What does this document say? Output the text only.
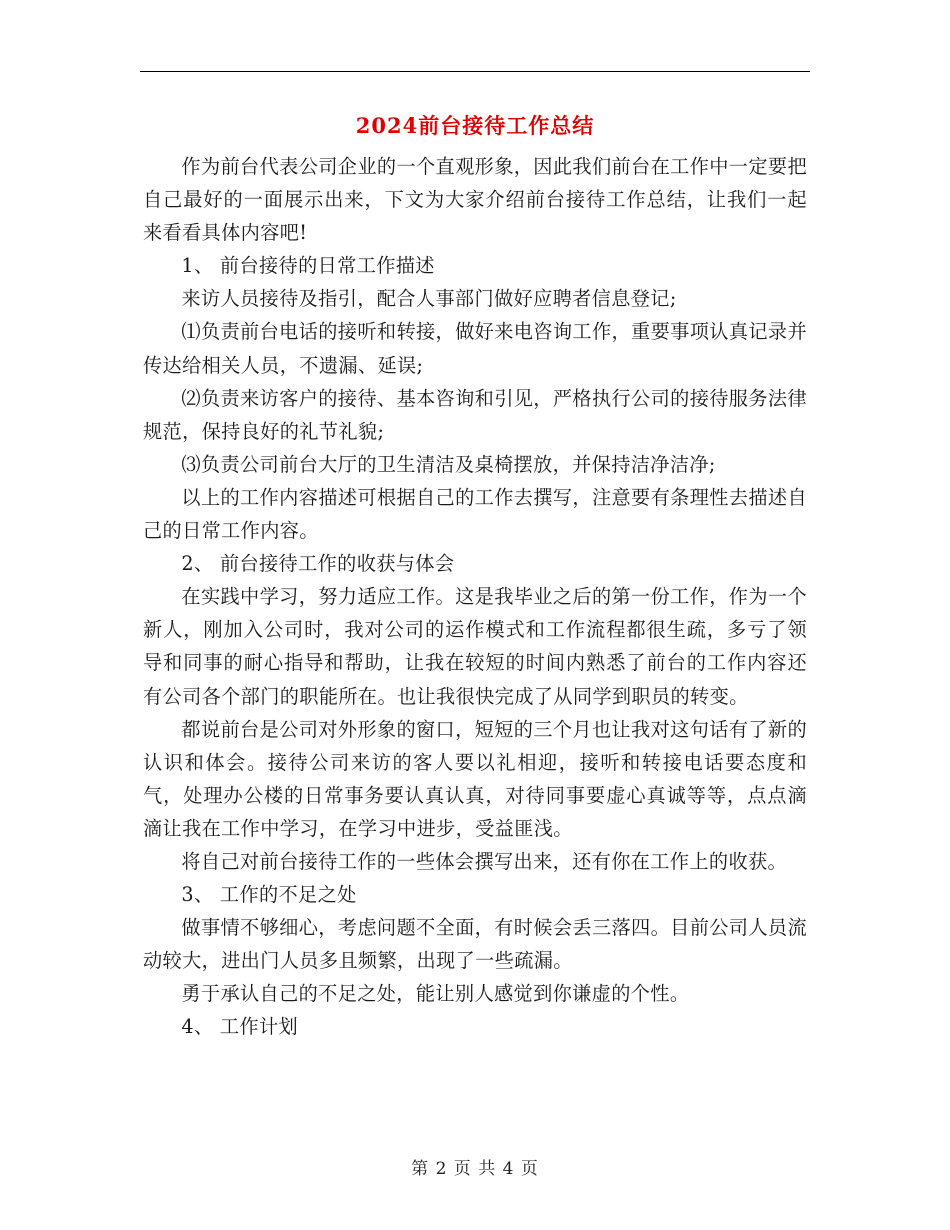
2024前台接待工作总结

作为前台代表公司企业的一个直观形象，因此我们前台在工作中一定要把自己最好的一面展示出来，下文为大家介绍前台接待工作总结，让我们一起来看看具体内容吧!

1、 前台接待的日常工作描述

来访人员接待及指引，配合人事部门做好应聘者信息登记;

⑴负责前台电话的接听和转接，做好来电咨询工作，重要事项认真记录并传达给相关人员，不遗漏、延误;

⑵负责来访客户的接待、基本咨询和引见，严格执行公司的接待服务法律规范，保持良好的礼节礼貌;

⑶负责公司前台大厅的卫生清洁及桌椅摆放，并保持洁净洁净;

以上的工作内容描述可根据自己的工作去撰写，注意要有条理性去描述自己的日常工作内容。

2、 前台接待工作的收获与体会

在实践中学习，努力适应工作。这是我毕业之后的第一份工作，作为一个新人，刚加入公司时，我对公司的运作模式和工作流程都很生疏，多亏了领导和同事的耐心指导和帮助，让我在较短的时间内熟悉了前台的工作内容还有公司各个部门的职能所在。也让我很快完成了从同学到职员的转变。

都说前台是公司对外形象的窗口，短短的三个月也让我对这句话有了新的认识和体会。接待公司来访的客人要以礼相迎，接听和转接电话要态度和气，处理办公楼的日常事务要认真认真，对待同事要虚心真诚等等，点点滴滴让我在工作中学习，在学习中进步，受益匪浅。

将自己对前台接待工作的一些体会撰写出来，还有你在工作上的收获。

3、 工作的不足之处

做事情不够细心，考虑问题不全面，有时候会丢三落四。目前公司人员流动较大，进出门人员多且频繁，出现了一些疏漏。

勇于承认自己的不足之处，能让别人感觉到你谦虚的个性。

4、 工作计划

第 2 页 共 4 页
